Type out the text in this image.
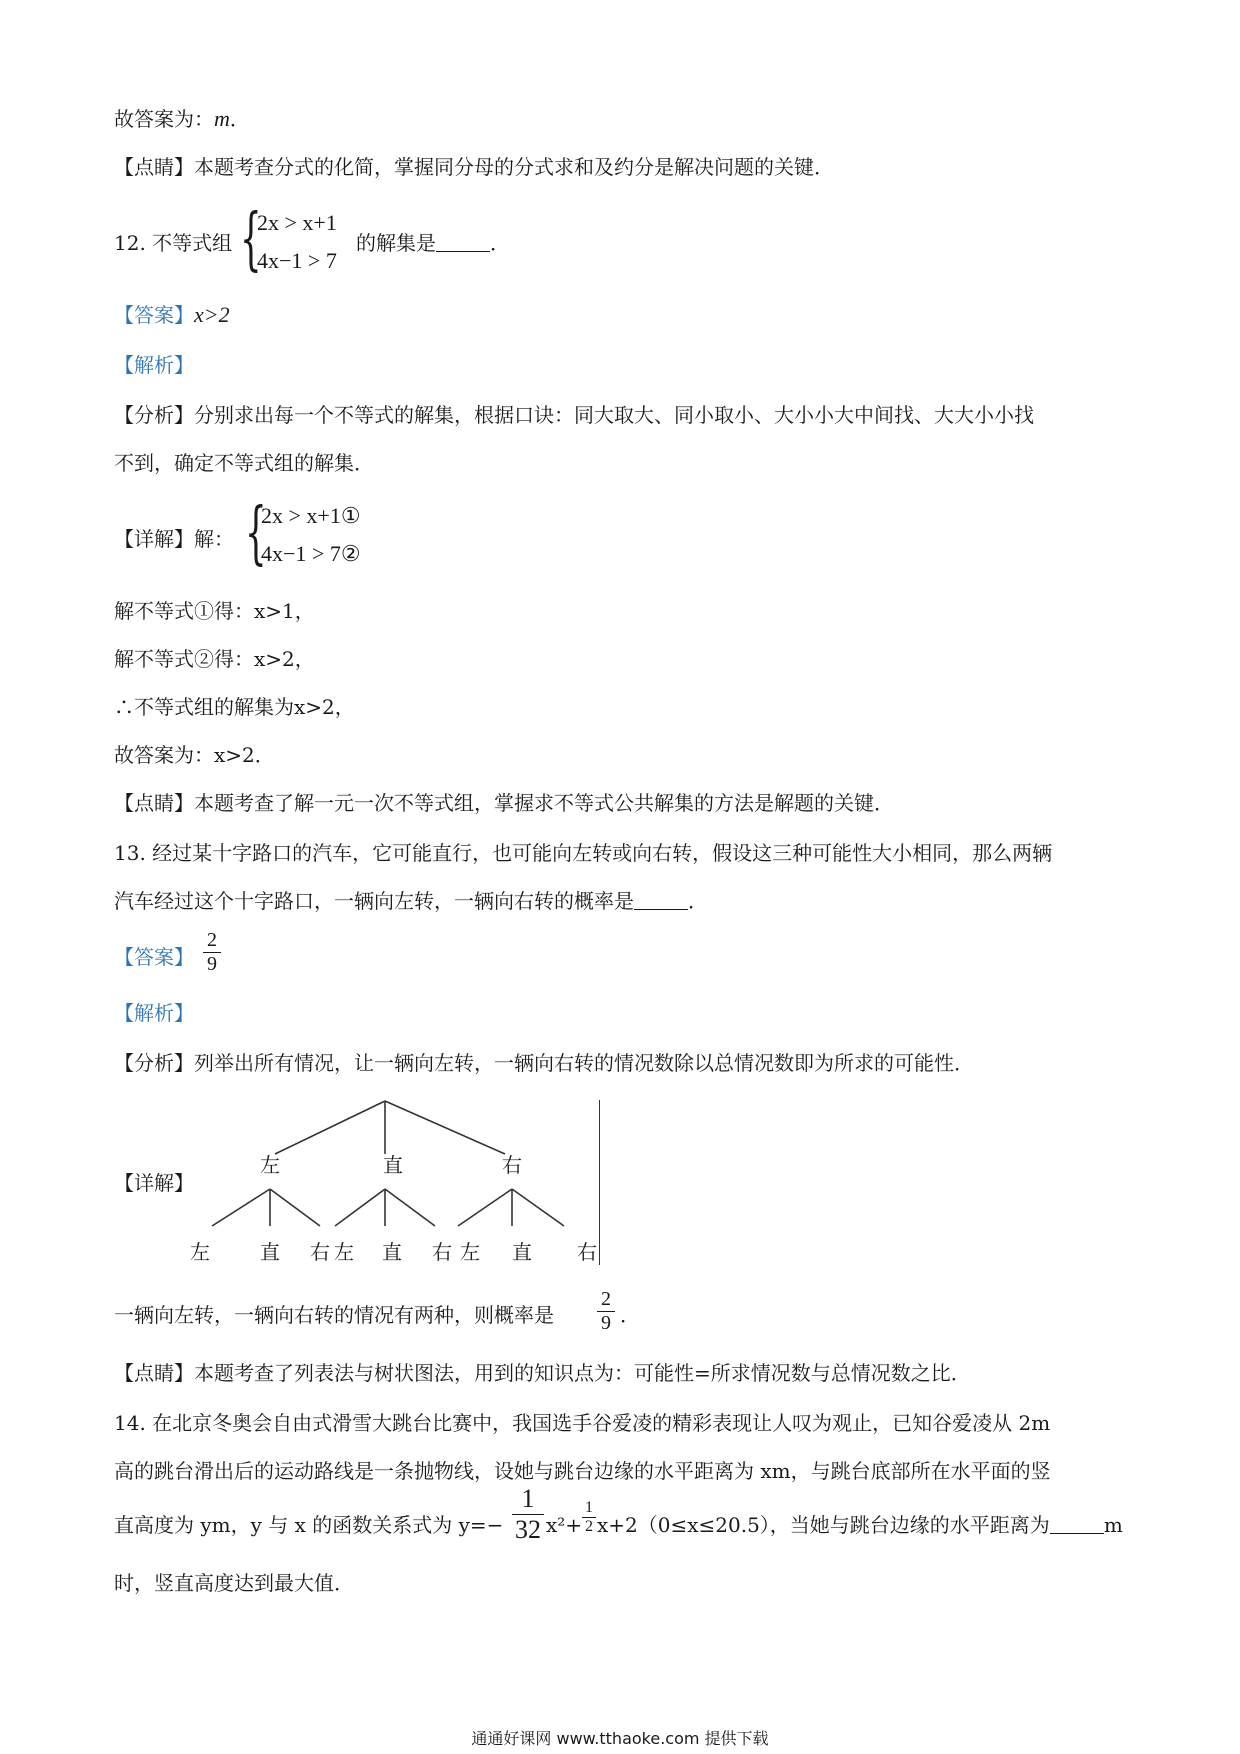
故答案为：m．
【点睛】本题考查分式的化简，掌握同分母的分式求和及约分是解决问题的关键．
12. 不等式组 {
2x > x+1
4x−1 > 7
的解集是	．
【答案】x>2
【解析】
【分析】分别求出每一个不等式的解集，根据口诀：同大取大、同小取小、大小小大中间找、大大小小找
不到，确定不等式组的解集．
【详解】解： {
2x > x+1①
4x−1 > 7②
解不等式①得：x>1，
解不等式②得：x>2，
∴不等式组的解集为x>2，
故答案为：x>2．
【点睛】本题考查了解一元一次不等式组，掌握求不等式公共解集的方法是解题的关键．
13. 经过某十字路口的汽车，它可能直行，也可能向左转或向右转，假设这三种可能性大小相同，那么两辆
汽车经过这个十字路口，一辆向左转，一辆向右转的概率是	．
【答案】 $\frac{2}{9}$
【解析】
【分析】列举出所有情况，让一辆向左转，一辆向右转的情况数除以总情况数即为所求的可能性．
【详解】
左	直	右
左	直 右 左 直 右 左 直 右
一辆向左转，一辆向右转的情况有两种，则概率是 $\frac{2}{9}$ ．
【点睛】本题考查了列表法与树状图法，用到的知识点为：可能性=所求情况数与总情况数之比．
14. 在北京冬奥会自由式滑雪大跳台比赛中，我国选手谷爱凌的精彩表现让人叹为观止，已知谷爱凌从 2m
高的跳台滑出后的运动路线是一条抛物线，设她与跳台边缘的水平距离为 xm，与跳台底部所在水平面的竖
直高度为 ym，y 与 x 的函数关系式为 $y=- \frac{1}{32} x^2+ \frac{1}{2} x+2(0\le x\le 20.5)$，当她与跳台边缘的水平距离为	m
时，竖直高度达到最大值．
通通好课网 www.tthaoke.com 提供下载
